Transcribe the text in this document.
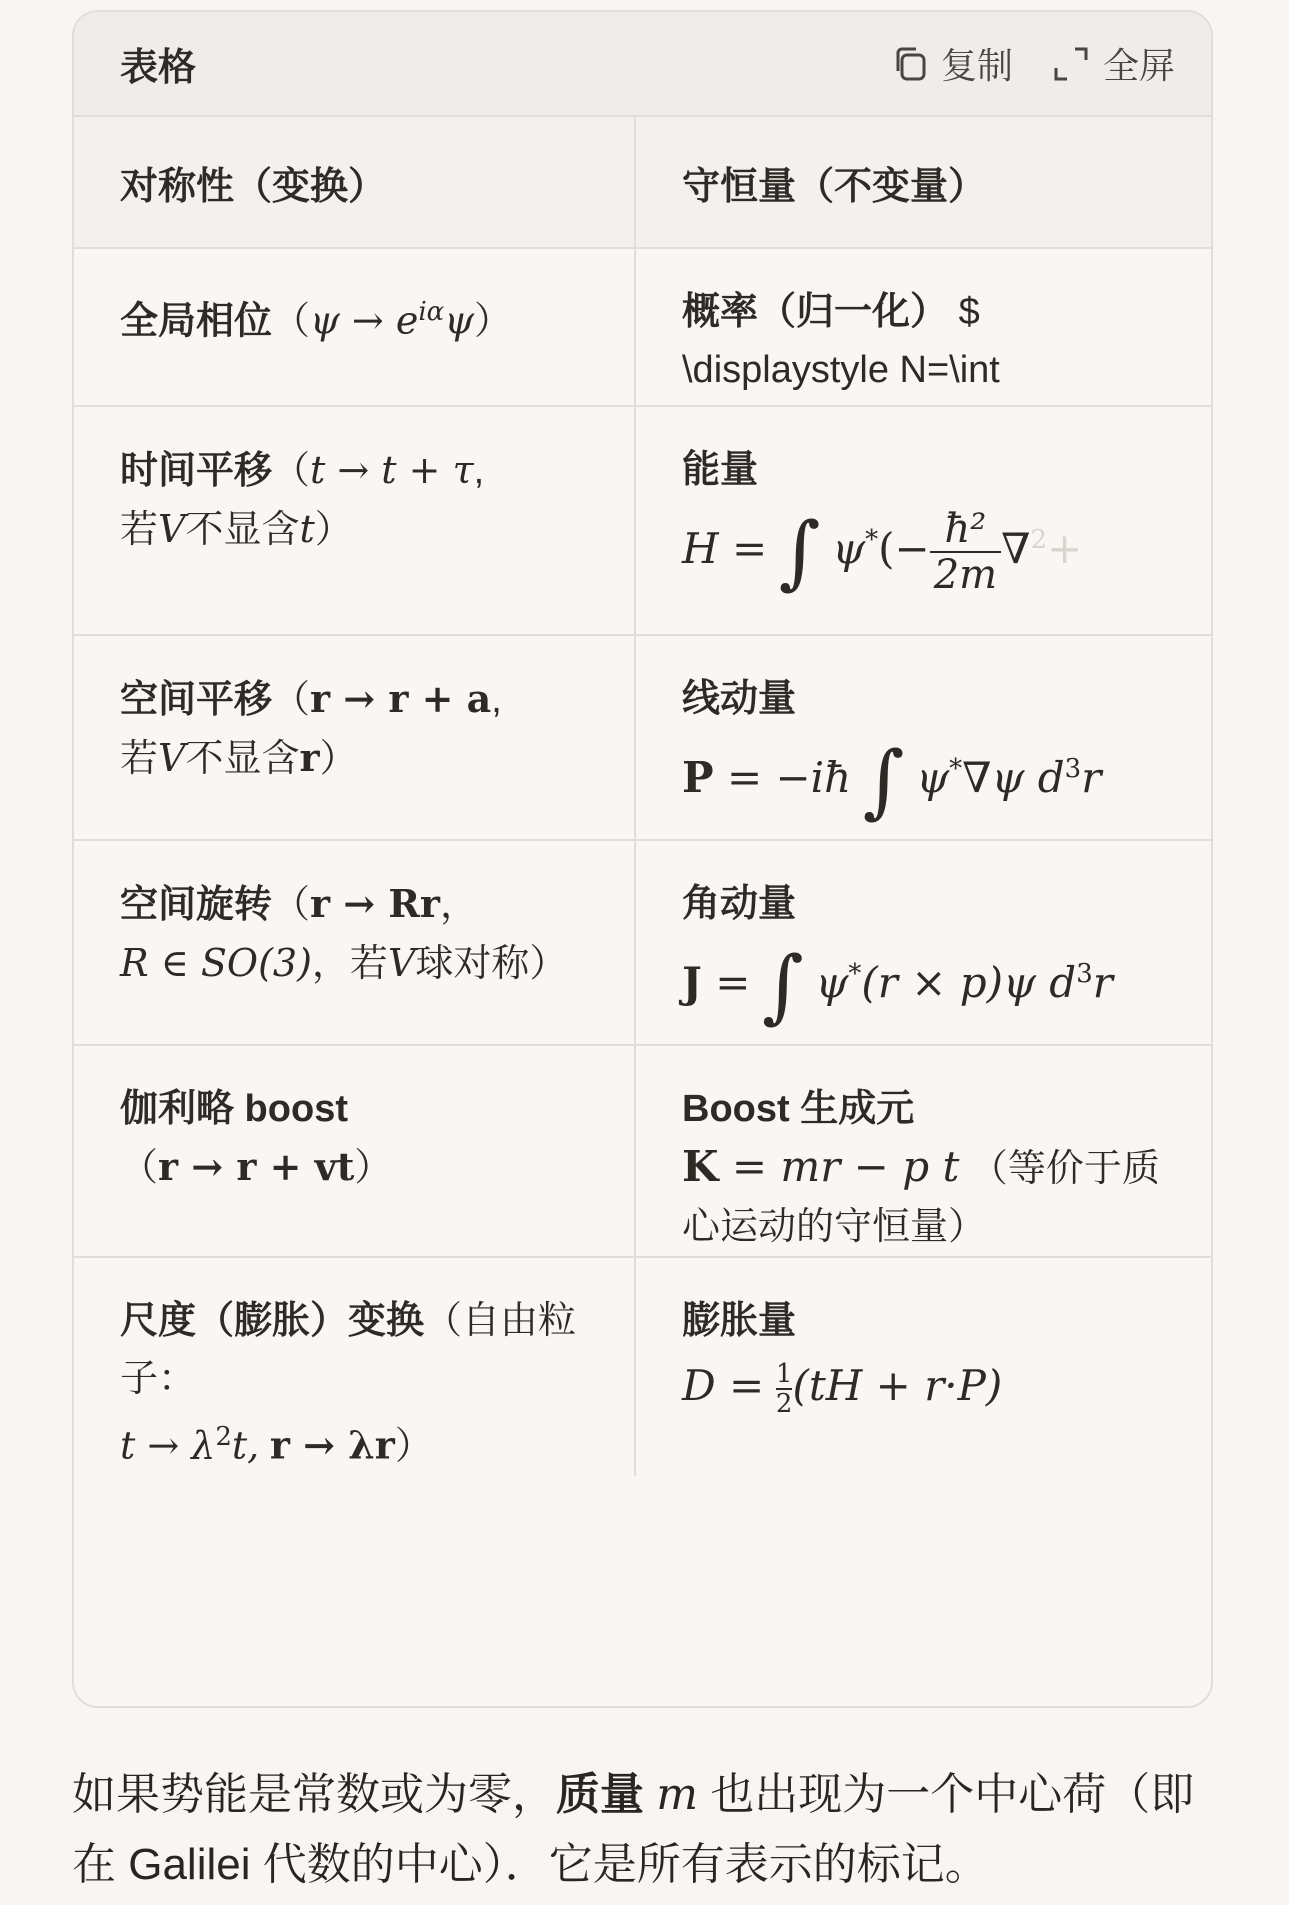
表格	复制	全屏
对称性（变换）	守恒量（不变量）
全局相位$(\psi \to e^{i\alpha}\psi)$	概率（归一化） $
\displaystyle N=\int
时间平移（t → t + τ,
若V不显含t）	能量
H = ∫ $\psi^*(- \frac{\text{ħ²}}{2m} \nabla^2+$

空间平移（r → r + a,
若V不显含r）	线动量
P = −iħ ∫ ψ*∇ψ $d^3r$

空间旋转（r → Rr，
R ∈ SO(3)，若V球对称）	角动量
J = ∫ ψ*(r × p)ψ $d^3r$

伽利略 boost
（r → r + vt）	Boost 生成元
K = mr − p t （等价于质心运动的守恒量）
尺度（膨胀）变换（自由粒子：
$t \to \lambda^2t$, r → λr）	膨胀量
$D = \frac{1}{2}(tH + r\cdot P)$
如果势能是常数或为零，质量 m 也出现为一个中心荷（即在 Galilei 代数的中心）．它是所有表示的标记。
